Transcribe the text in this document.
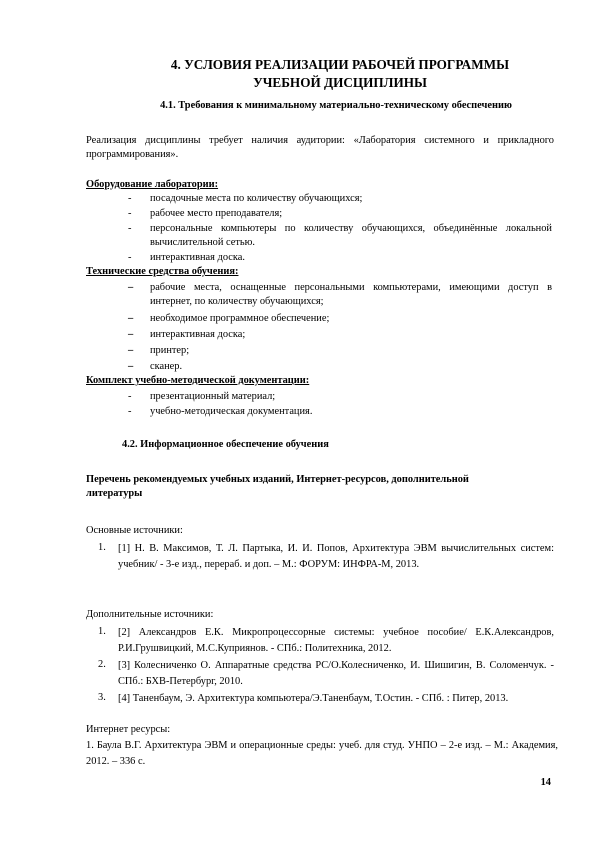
4. УСЛОВИЯ РЕАЛИЗАЦИИ РАБОЧЕЙ ПРОГРАММЫ
УЧЕБНОЙ ДИСЦИПЛИНЫ
4.1. Требования к минимальному материально-техническому обеспечению
Реализация дисциплины требует наличия аудитории: «Лаборатория системного и прикладного программирования».
Оборудование лаборатории:
- посадочные места по количеству обучающихся;
- рабочее место преподавателя;
- персональные компьютеры по количеству обучающихся, объединённые локальной вычислительной сетью.
- интерактивная доска.
Технические средства обучения:
– рабочие места, оснащенные персональными компьютерами, имеющими доступ в интернет, по количеству обучающихся;
– необходимое программное обеспечение;
– интерактивная доска;
– принтер;
– сканер.
Комплект учебно-методической документации:
- презентационный материал;
- учебно-методическая документация.
4.2. Информационное обеспечение обучения
Перечень рекомендуемых учебных изданий, Интернет-ресурсов, дополнительной литературы
Основные источники:
1. [1] Н. В. Максимов, Т. Л. Партыка, И. И. Попов, Архитектура ЭВМ вычислительных систем: учебник/ - 3-е изд., перераб. и доп. – М.: ФОРУМ: ИНФРА-М, 2013.
Дополнительные источники:
1. [2] Александров Е.К. Микропроцессорные системы: учебное пособие/ Е.К.Александров, Р.И.Грушвицкий, М.С.Куприянов. - СПб.: Политехника, 2012.
2. [3] Колесниченко О. Аппаратные средства РС/О.Колесниченко, И. Шишигин, В. Соломенчук. - СПб.: БХВ-Петербург, 2010.
3. [4] Таненбаум, Э. Архитектура компьютера/Э.Таненбаум, Т.Остин. - СПб. : Питер, 2013.
Интернет ресурсы:
1. Баула В.Г. Архитектура ЭВМ и операционные среды: учеб. для студ. УНПО – 2-е изд. – М.: Академия, 2012. – 336 с.
14
